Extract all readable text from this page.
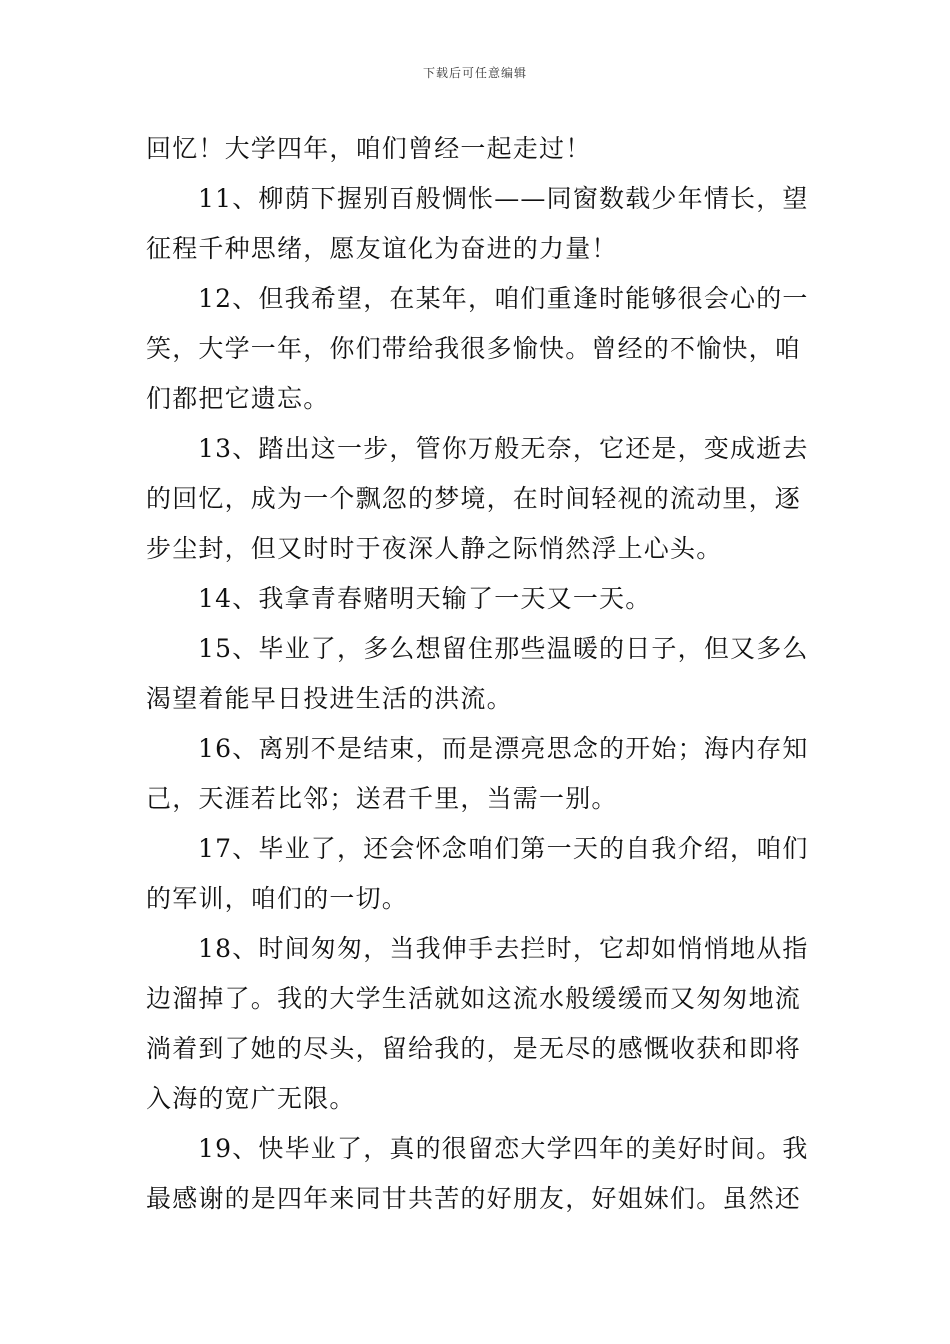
下载后可任意编辑
回忆！大学四年，咱们曾经一起走过！
11、柳荫下握别百般惆怅——同窗数载少年情长，望
征程千种思绪，愿友谊化为奋进的力量！
12、但我希望，在某年，咱们重逢时能够很会心的一
笑，大学一年，你们带给我很多愉快。曾经的不愉快，咱
们都把它遗忘。
13、踏出这一步，管你万般无奈，它还是，变成逝去
的回忆，成为一个飘忽的梦境，在时间轻视的流动里，逐
步尘封，但又时时于夜深人静之际悄然浮上心头。
14、我拿青春赌明天输了一天又一天。
15、毕业了，多么想留住那些温暖的日子，但又多么
渴望着能早日投进生活的洪流。
16、离别不是结束，而是漂亮思念的开始；海内存知
己，天涯若比邻；送君千里，当需一别。
17、毕业了，还会怀念咱们第一天的自我介绍，咱们
的军训，咱们的一切。
18、时间匆匆，当我伸手去拦时，它却如悄悄地从指
边溜掉了。我的大学生活就如这流水般缓缓而又匆匆地流
淌着到了她的尽头，留给我的，是无尽的感慨收获和即将
入海的宽广无限。
19、快毕业了，真的很留恋大学四年的美好时间。我
最感谢的是四年来同甘共苦的好朋友，好姐妹们。虽然还
